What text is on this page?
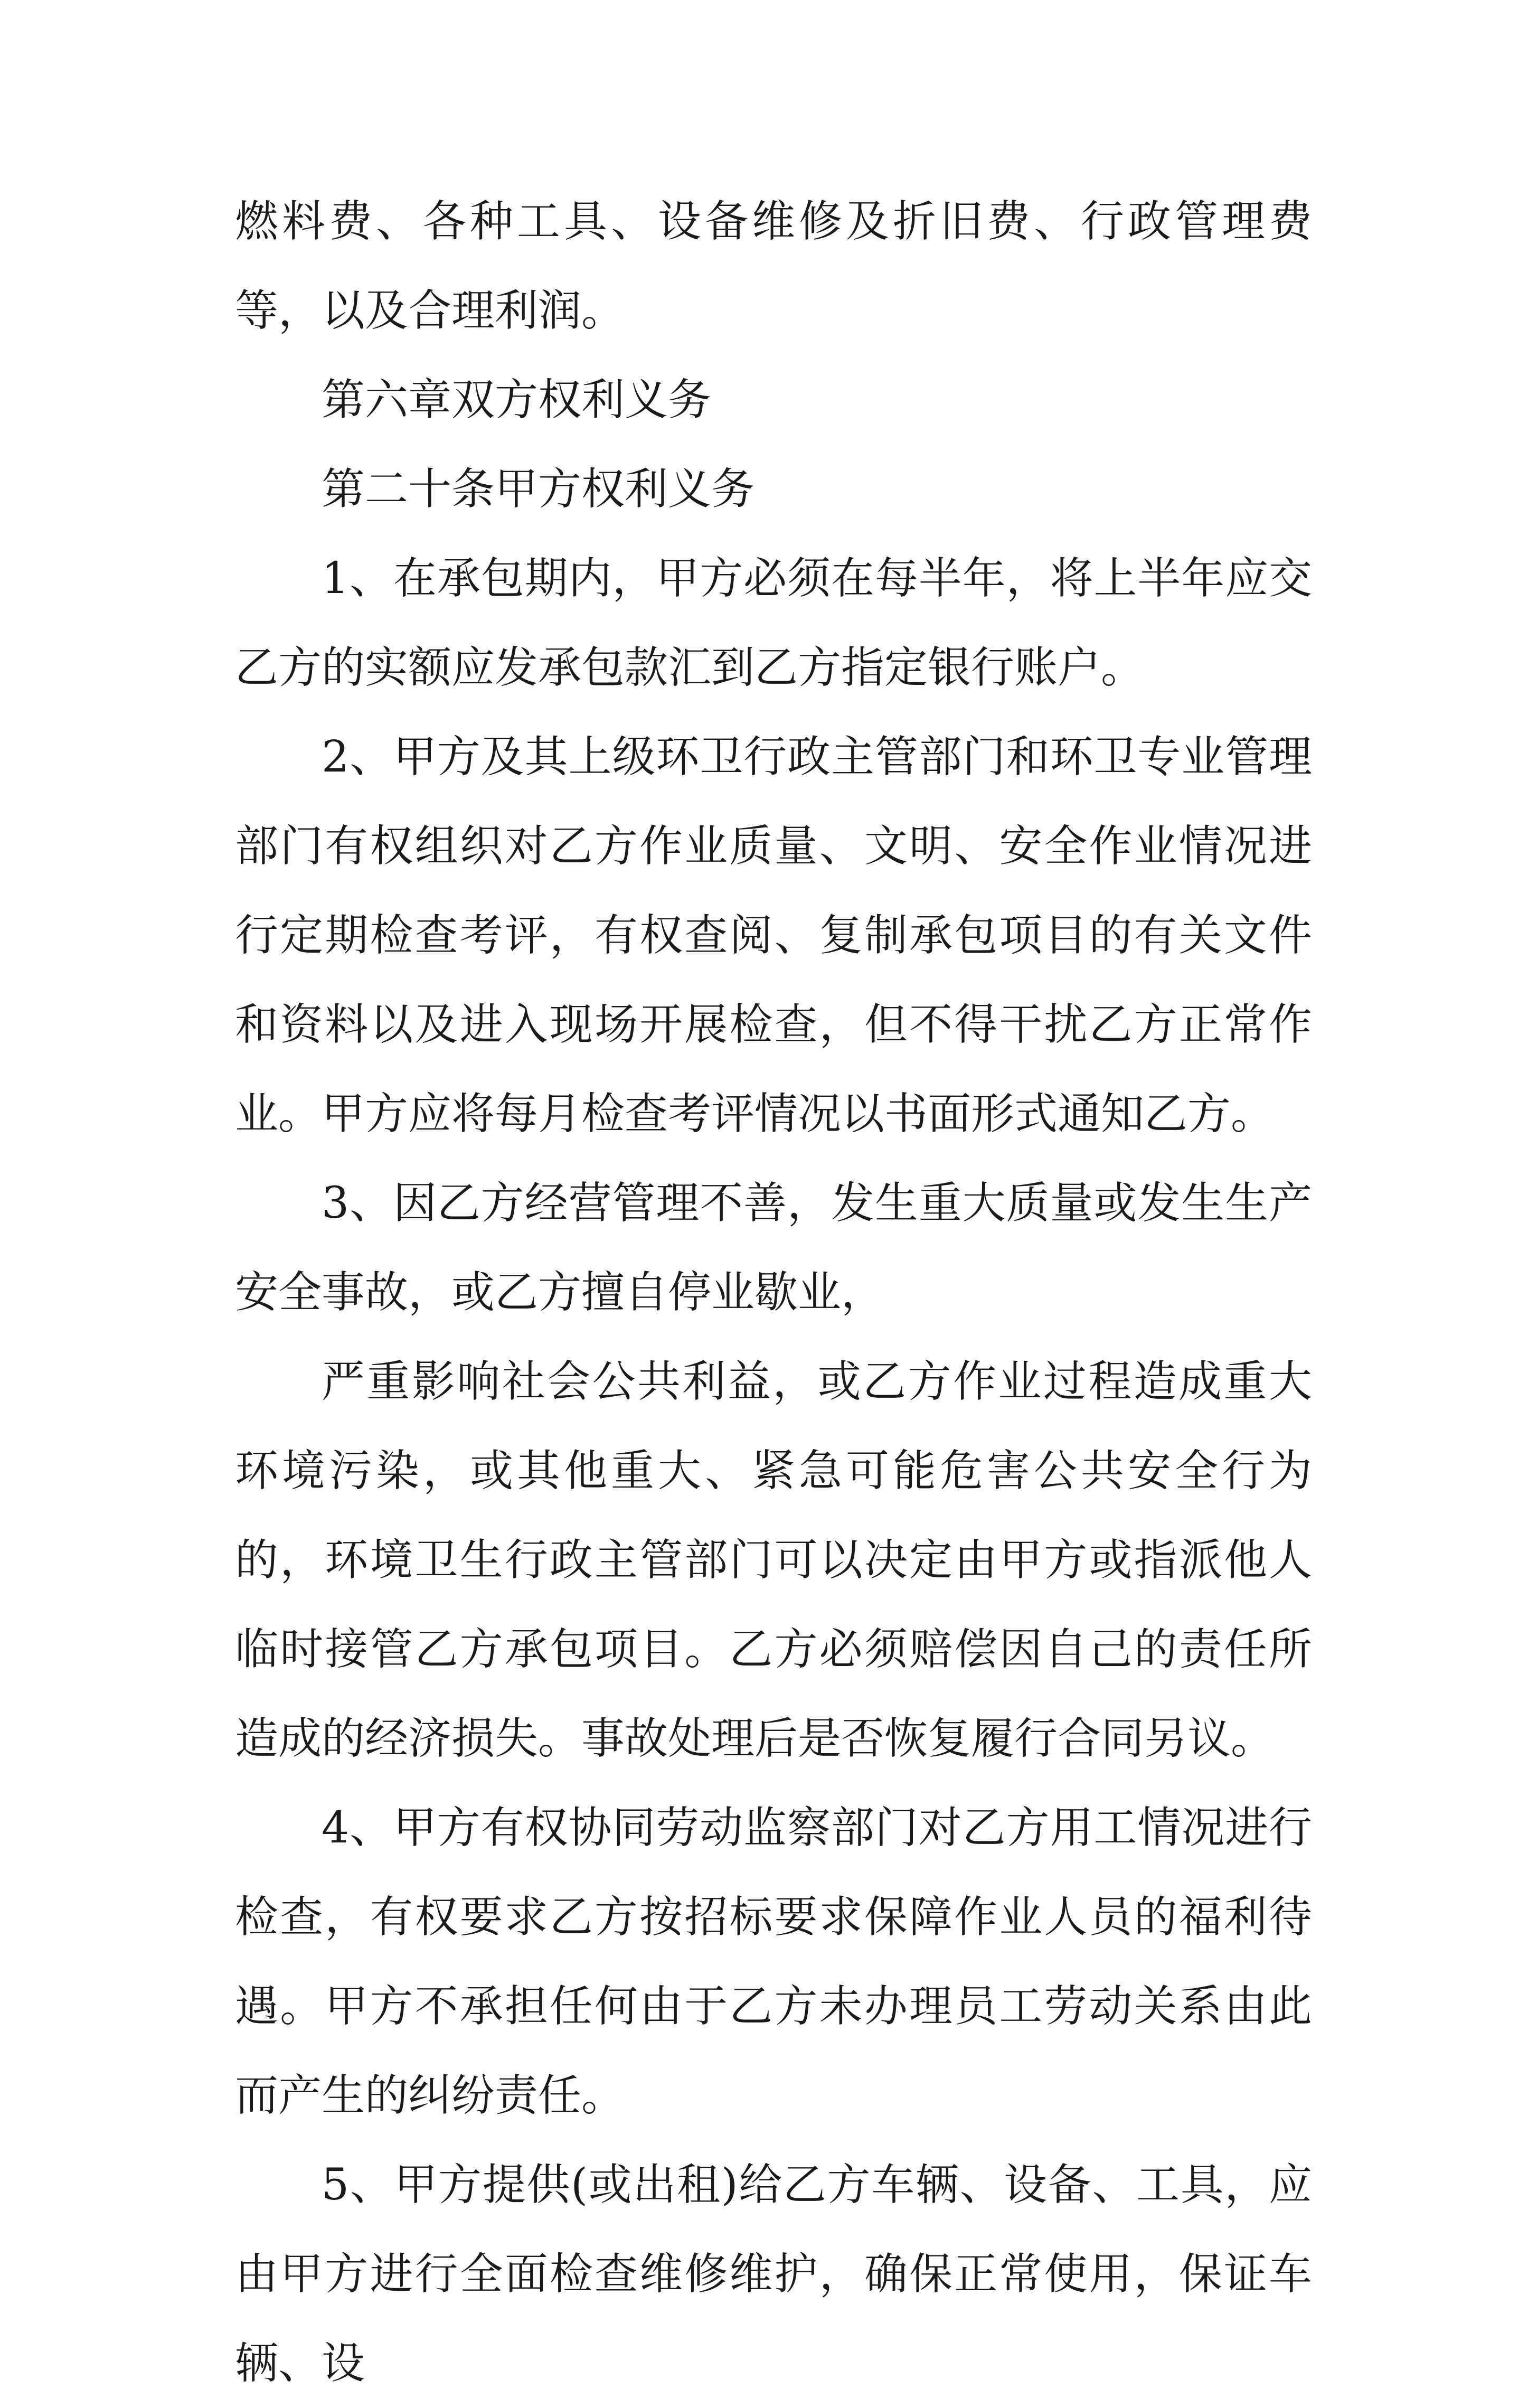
燃料费、各种工具、设备维修及折旧费、行政管理费等，以及合理利润。

第六章双方权利义务

第二十条甲方权利义务

1、在承包期内，甲方必须在每半年，将上半年应交乙方的实额应发承包款汇到乙方指定银行账户。

2、甲方及其上级环卫行政主管部门和环卫专业管理部门有权组织对乙方作业质量、文明、安全作业情况进行定期检查考评，有权查阅、复制承包项目的有关文件和资料以及进入现场开展检查，但不得干扰乙方正常作业。甲方应将每月检查考评情况以书面形式通知乙方。

3、因乙方经营管理不善，发生重大质量或发生生产安全事故，或乙方擅自停业歇业，

严重影响社会公共利益，或乙方作业过程造成重大环境污染，或其他重大、紧急可能危害公共安全行为的，环境卫生行政主管部门可以决定由甲方或指派他人临时接管乙方承包项目。乙方必须赔偿因自己的责任所造成的经济损失。事故处理后是否恢复履行合同另议。

4、甲方有权协同劳动监察部门对乙方用工情况进行检查，有权要求乙方按招标要求保障作业人员的福利待遇。甲方不承担任何由于乙方未办理员工劳动关系由此而产生的纠纷责任。

5、甲方提供(或出租)给乙方车辆、设备、工具，应由甲方进行全面检查维修维护，确保正常使用，保证车辆、设
